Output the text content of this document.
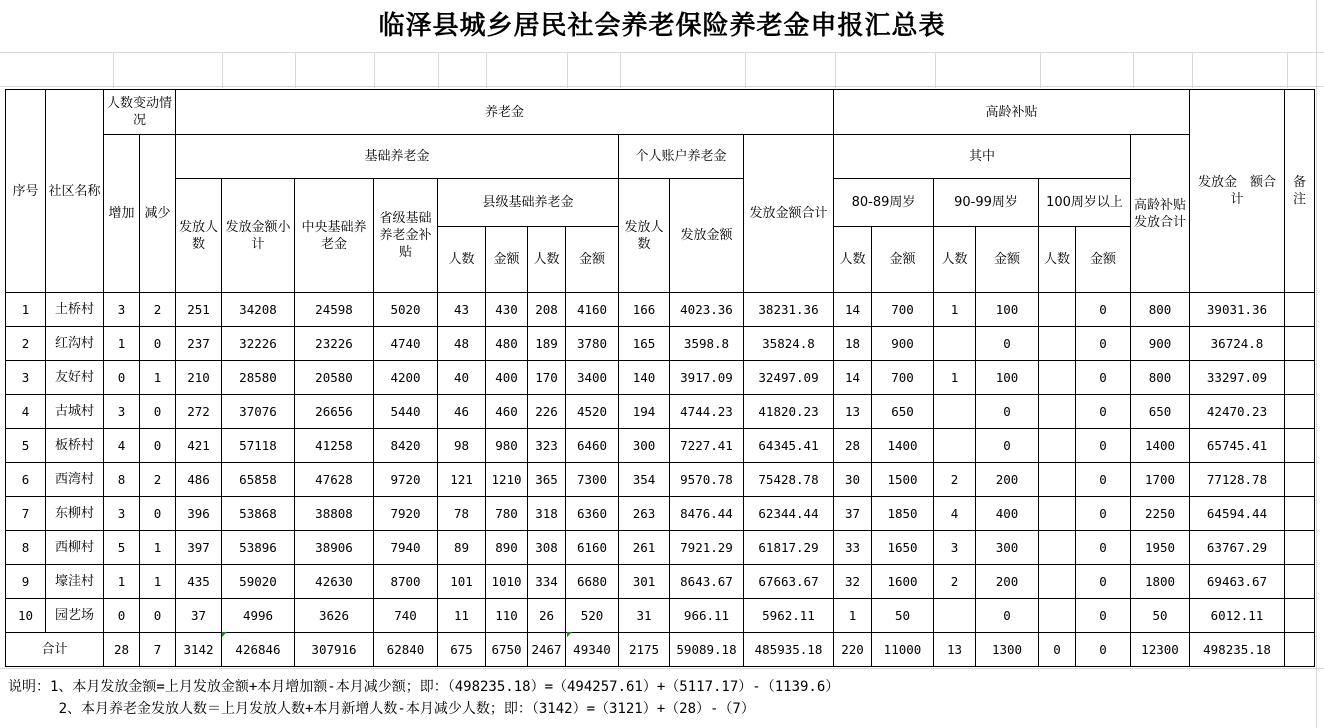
临泽县城乡居民社会养老保险养老金申报汇总表
序号	社区名称	人数变动情况		养老金											高龄补贴							发放金　额合计	备注
		增加	减少	基础养老金								个人账户养老金		发放金额合计	其中						高龄补贴发放合计		
				发放人数	发放金额小计	中央基础养老金	省级基础养老金补贴	县级基础养老金				发放人数	发放金额		80-89周岁		90-99周岁		100周岁以上				
								人数	金额	人数	金额				人数	金额	人数	金额	人数	金额			
1	土桥村	3	2	251	34208	24598	5020	43	430	208	4160	166	4023.36	38231.36	14	700	1	100		0	800	39031.36	
2	红沟村	1	0	237	32226	23226	4740	48	480	189	3780	165	3598.8	35824.8	18	900		0		0	900	36724.8	
3	友好村	0	1	210	28580	20580	4200	40	400	170	3400	140	3917.09	32497.09	14	700	1	100		0	800	33297.09	
4	古城村	3	0	272	37076	26656	5440	46	460	226	4520	194	4744.23	41820.23	13	650		0		0	650	42470.23	
5	板桥村	4	0	421	57118	41258	8420	98	980	323	6460	300	7227.41	64345.41	28	1400		0		0	1400	65745.41	
6	西湾村	8	2	486	65858	47628	9720	121	1210	365	7300	354	9570.78	75428.78	30	1500	2	200		0	1700	77128.78	
7	东柳村	3	0	396	53868	38808	7920	78	780	318	6360	263	8476.44	62344.44	37	1850	4	400		0	2250	64594.44	
8	西柳村	5	1	397	53896	38906	7940	89	890	308	6160	261	7921.29	61817.29	33	1650	3	300		0	1950	63767.29	
9	壕洼村	1	1	435	59020	42630	8700	101	1010	334	6680	301	8643.67	67663.67	32	1600	2	200		0	1800	69463.67	
10	园艺场	0	0	37	4996	3626	740	11	110	26	520	31	966.11	5962.11	1	50		0		0	50	6012.11	
合计		28	7	3142	426846	307916	62840	675	6750	2467	49340	2175	59089.18	485935.18	220	11000	13	1300	0	0	12300	498235.18	
说明：1、本月发放金额=上月发放金额+本月增加额-本月减少额；即：（498235.18）=（494257.61）+（5117.17）-（1139.6）
2、本月养老金发放人数＝上月发放人数+本月新增人数-本月减少人数；即：（3142）=（3121）+（28）-（7）
